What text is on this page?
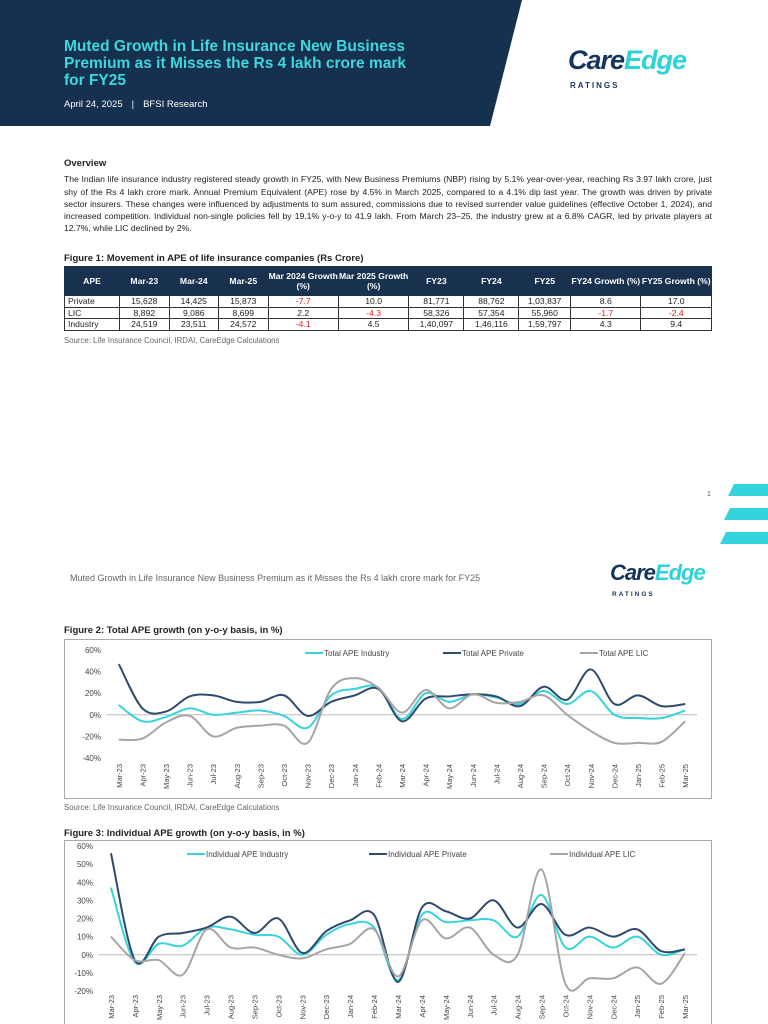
Muted Growth in Life Insurance New Business
Premium as it Misses the Rs 4 lakh crore mark
for FY25
April 24, 2025 | BFSI Research
CareEdge
RATINGS
Overview

The Indian life insurance industry registered steady growth in FY25, with New Business Premiums (NBP) rising by 5.1% year-over-year, reaching Rs 3.97 lakh crore, just shy of the Rs 4 lakh crore mark. Annual Premium Equivalent (APE) rose by 4.5% in March 2025, compared to a 4.1% dip last year. The growth was driven by private sector insurers. These changes were influenced by adjustments to sum assured, commissions due to revised surrender value guidelines (effective October 1, 2024), and increased competition. Individual non-single policies fell by 19.1% y-o-y to 41.9 lakh. From March 23–25, the industry grew at a 6.8% CAGR, led by private players at 12.7%, while LIC declined by 2%.

Figure 1: Movement in APE of life insurance companies (Rs Crore)
APE	Mar-23	Mar-24	Mar-25	Mar 2024 Growth (%)	Mar 2025 Growth (%)	FY23	FY24	FY25	FY24 Growth (%)	FY25 Growth (%)
Private	15,628	14,425	15,873	-7.7	10.0	81,771	88,762	1,03,837	8.6	17.0
LIC	8,892	9,086	8,699	2.2	-4.3	58,326	57,354	55,960	-1.7	-2.4
Industry	24,519	23,511	24,572	-4.1	4.5	1,40,097	1,46,116	1,59,797	4.3	9.4
Source: Life Insurance Council, IRDAI, CareEdge Calculations
1
Muted Growth in Life Insurance New Business Premium as it Misses the Rs 4 lakh crore mark for FY25	CareEdge
RATINGS
Figure 2: Total APE growth (on y-o-y basis, in %)
60%
40%
20%
0%
-20%
-40%
Mar-23 Apr-23 May-23 Jun-23 Jul-23 Aug-23 Sep-23 Oct-23 Nov-23 Dec-23 Jan-24 Feb-24 Mar-24 Apr-24 May-24 Jun-24 Jul-24 Aug-24 Sep-24 Oct-24 Nov-24 Dec-24 Jan-25 Feb-25 Mar-25
Total APE Industry	Total APE Private	Total APE LIC
Source: Life Insurance Council, IRDAI, CareEdge Calculations
Figure 3: Individual APE growth (on y-o-y basis, in %)
60%
50%
40%
30%
20%
10%
0%
-10%
-20%
Mar-23 Apr-23 May-23 Jun-23 Jul-23 Aug-23 Sep-23 Oct-23 Nov-23 Dec-23 Jan-24 Feb-24 Mar-24 Apr-24 May-24 Jun-24 Jul-24 Aug-24 Sep-24 Oct-24 Nov-24 Dec-24 Jan-25 Feb-25 Mar-25
Individual APE Industry	Individual APE Private	Individual APE LIC
